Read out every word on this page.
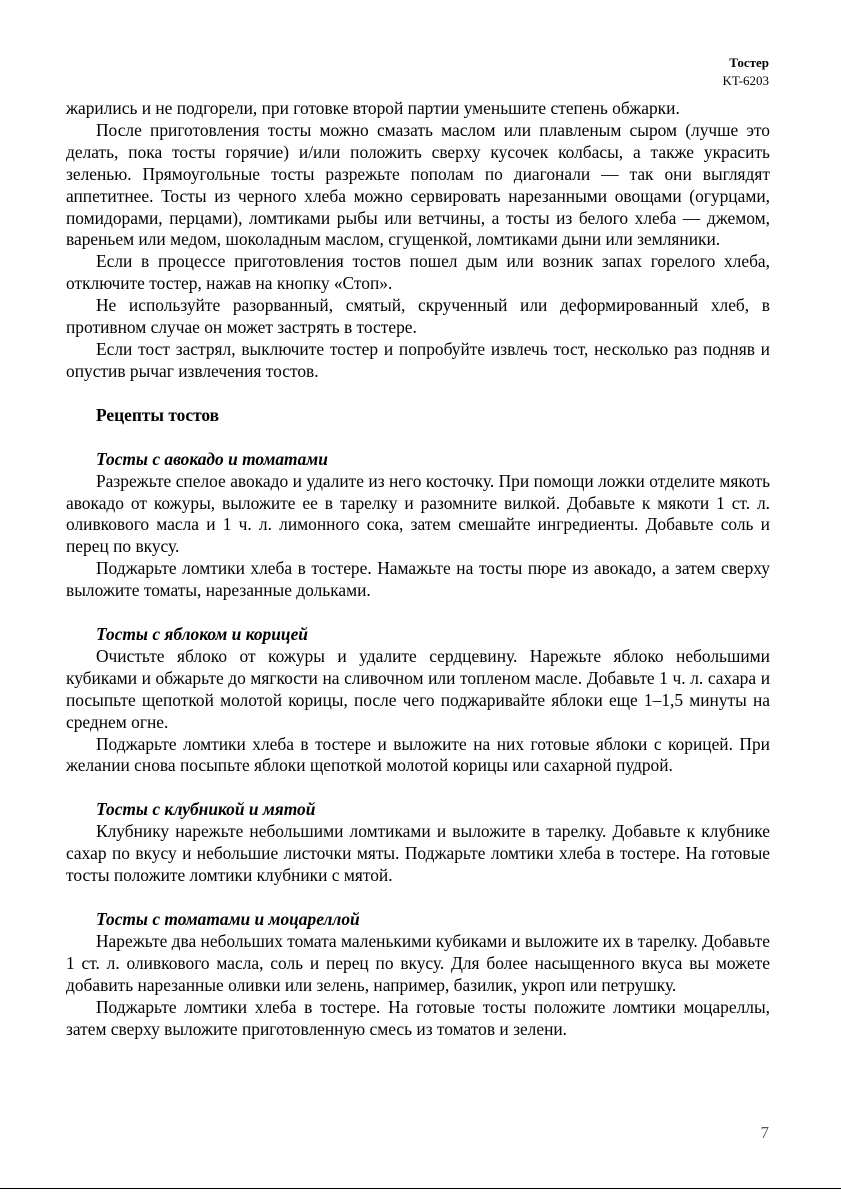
Тостер
KT-6203

жарились и не подгорели, при готовке второй партии уменьшите степень обжарки.

После приготовления тосты можно смазать маслом или плавленым сыром (лучше это делать, пока тосты горячие) и/или положить сверху кусочек колбасы, а также украсить зеленью. Прямоугольные тосты разрежьте пополам по диагонали — так они выглядят аппетитнее. Тосты из черного хлеба можно сервировать нарезанными овощами (огурцами, помидорами, перцами), ломтиками рыбы или ветчины, а тосты из белого хлеба — джемом, вареньем или медом, шоколадным маслом, сгущенкой, ломтиками дыни или земляники.

Если в процессе приготовления тостов пошел дым или возник запах горелого хлеба, отключите тостер, нажав на кнопку «Стоп».

Не используйте разорванный, смятый, скрученный или деформированный хлеб, в противном случае он может застрять в тостере.

Если тост застрял, выключите тостер и попробуйте извлечь тост, несколько раз подняв и опустив рычаг извлечения тостов.

Рецепты тостов
Тосты с авокадо и томатами

Разрежьте спелое авокадо и удалите из него косточку. При помощи ложки отделите мякоть авокадо от кожуры, выложите ее в тарелку и разомните вилкой. Добавьте к мякоти 1 ст. л. оливкового масла и 1 ч. л. лимонного сока, затем смешайте ингредиенты. Добавьте соль и перец по вкусу.

Поджарьте ломтики хлеба в тостере. Намажьте на тосты пюре из авокадо, а затем сверху выложите томаты, нарезанные дольками.

Тосты с яблоком и корицей

Очистьте яблоко от кожуры и удалите сердцевину. Нарежьте яблоко небольшими кубиками и обжарьте до мягкости на сливочном или топленом масле. Добавьте 1 ч. л. сахара и посыпьте щепоткой молотой корицы, после чего поджаривайте яблоки еще 1–1,5 минуты на среднем огне.

Поджарьте ломтики хлеба в тостере и выложите на них готовые яблоки с корицей. При желании снова посыпьте яблоки щепоткой молотой корицы или сахарной пудрой.

Тосты с клубникой и мятой

Клубнику нарежьте небольшими ломтиками и выложите в тарелку. Добавьте к клубнике сахар по вкусу и небольшие листочки мяты. Поджарьте ломтики хлеба в тостере. На готовые тосты положите ломтики клубники с мятой.

Тосты с томатами и моцареллой

Нарежьте два небольших томата маленькими кубиками и выложите их в тарелку. Добавьте 1 ст. л. оливкового масла, соль и перец по вкусу. Для более насыщенного вкуса вы можете добавить нарезанные оливки или зелень, например, базилик, укроп или петрушку.

Поджарьте ломтики хлеба в тостере. На готовые тосты положите ломтики моцареллы, затем сверху выложите приготовленную смесь из томатов и зелени.

7
